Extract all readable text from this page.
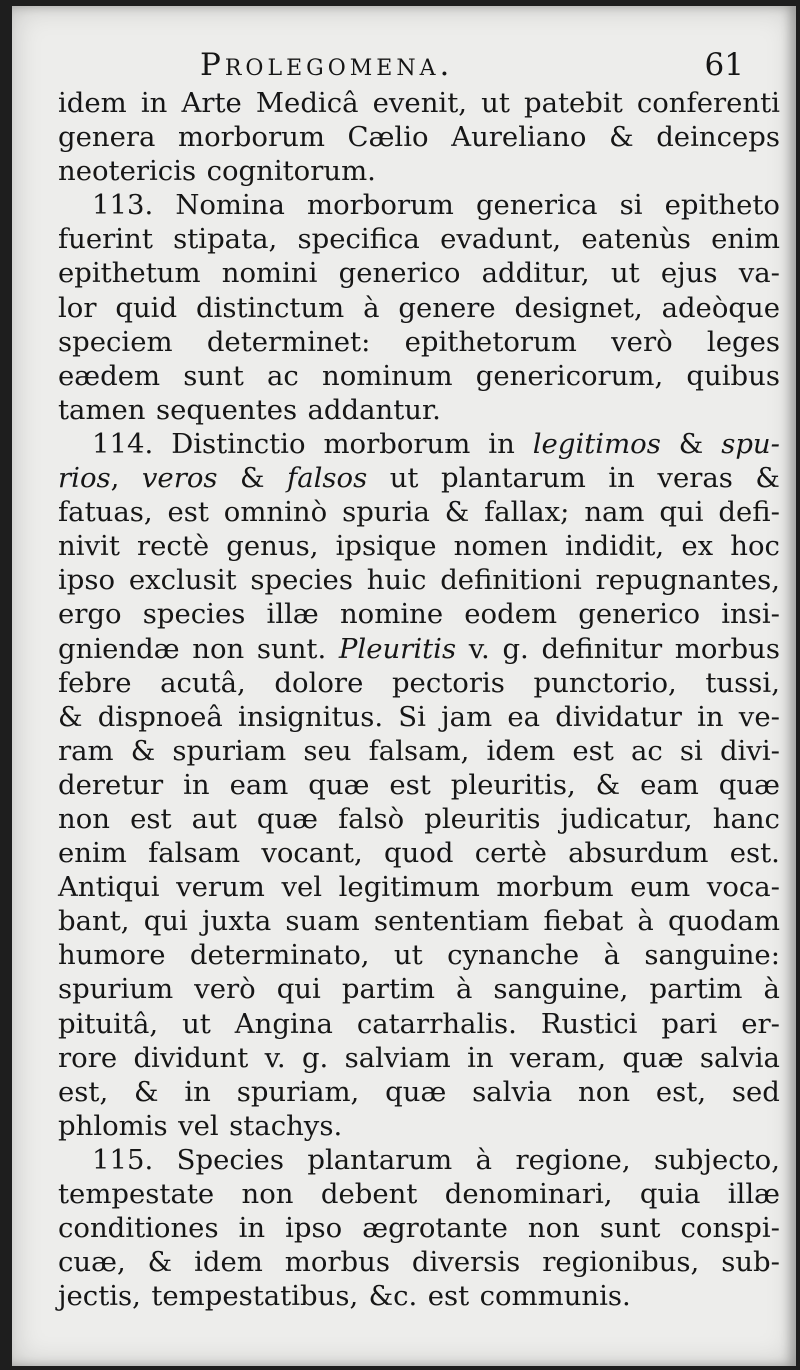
Prolegomena.	61
idem in Arte Medicâ evenit, ut patebit conferenti
genera morborum Cælio Aureliano & deinceps
neotericis cognitorum.
113. Nomina morborum generica si epitheto
fuerint stipata, specifica evadunt, eatenùs enim
epithetum nomini generico additur, ut ejus va-
lor quid distinctum à genere designet, adeòque
speciem determinet: epithetorum verò leges
eædem sunt ac nominum genericorum, quibus
tamen sequentes addantur.
114. Distinctio morborum in legitimos & spu-
rios, veros & falsos ut plantarum in veras &
fatuas, est omninò spuria & fallax; nam qui defi-
nivit rectè genus, ipsique nomen indidit, ex hoc
ipso exclusit species huic definitioni repugnantes,
ergo species illæ nomine eodem generico insi-
gniendæ non sunt. Pleuritis v. g. definitur morbus
febre acutâ, dolore pectoris punctorio, tussi,
& dispnoeâ insignitus. Si jam ea dividatur in ve-
ram & spuriam seu falsam, idem est ac si divi-
deretur in eam quæ est pleuritis, & eam quæ
non est aut quæ falsò pleuritis judicatur, hanc
enim falsam vocant, quod certè absurdum est.
Antiqui verum vel legitimum morbum eum voca-
bant, qui juxta suam sententiam fiebat à quodam
humore determinato, ut cynanche à sanguine:
spurium verò qui partim à sanguine, partim à
pituitâ, ut Angina catarrhalis. Rustici pari er-
rore dividunt v. g. salviam in veram, quæ salvia
est, & in spuriam, quæ salvia non est, sed
phlomis vel stachys.
115. Species plantarum à regione, subjecto,
tempestate non debent denominari, quia illæ
conditiones in ipso ægrotante non sunt conspi-
cuæ, & idem morbus diversis regionibus, sub-
jectis, tempestatibus, &c. est communis.
